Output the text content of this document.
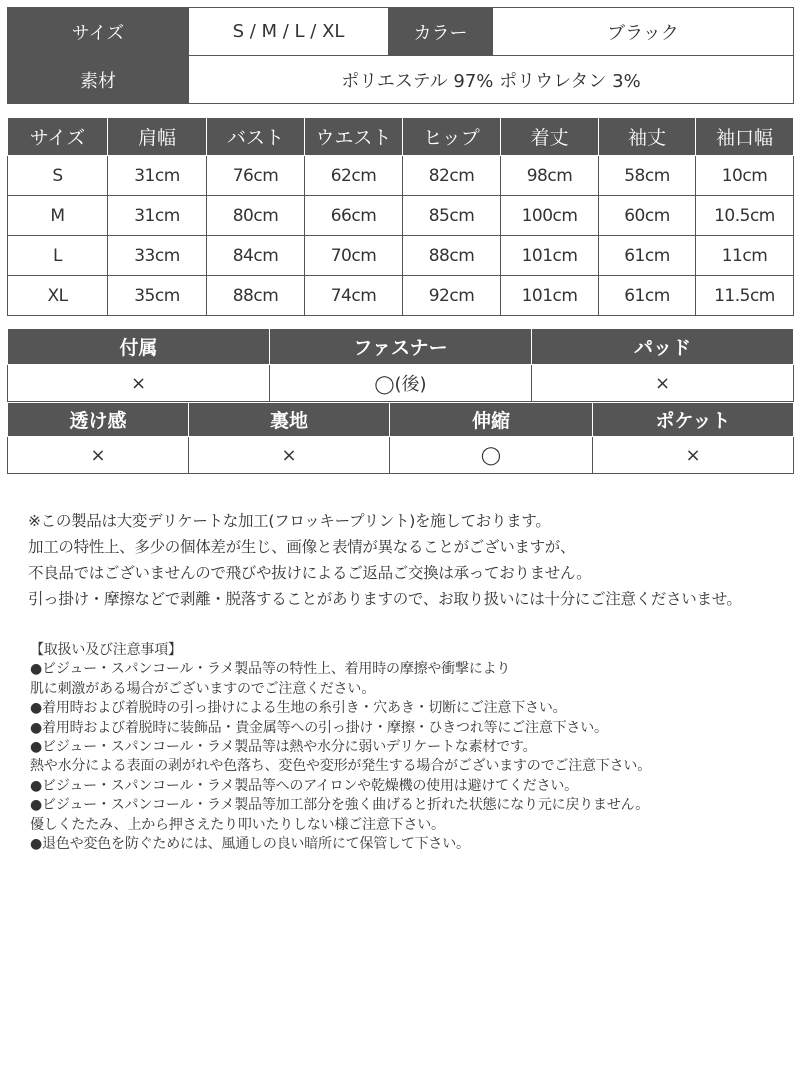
サイズ	S / M / L / XL	カラー	ブラック
素材	ポリエステル 97% ポリウレタン 3%		
サイズ	肩幅	バスト	ウエスト	ヒップ	着丈	袖丈	袖口幅
S	31cm	76cm	62cm	82cm	98cm	58cm	10cm
M	31cm	80cm	66cm	85cm	100cm	60cm	10.5cm
L	33cm	84cm	70cm	88cm	101cm	61cm	11cm
XL	35cm	88cm	74cm	92cm	101cm	61cm	11.5cm
付属	ファスナー	パッド
×	◯(後)	×
透け感	裏地	伸縮	ポケット
×	×	◯	×
※この製品は大変デリケートな加工(フロッキープリント)を施しております。
加工の特性上、多少の個体差が生じ、画像と表情が異なることがございますが、
不良品ではございませんので飛びや抜けによるご返品ご交換は承っておりません。
引っ掛け・摩擦などで剥離・脱落することがありますので、お取り扱いには十分にご注意くださいませ。
【取扱い及び注意事項】
●ビジュー・スパンコール・ラメ製品等の特性上、着用時の摩擦や衝撃により
肌に刺激がある場合がございますのでご注意ください。
●着用時および着脱時の引っ掛けによる生地の糸引き・穴あき・切断にご注意下さい。
●着用時および着脱時に装飾品・貴金属等への引っ掛け・摩擦・ひきつれ等にご注意下さい。
●ビジュー・スパンコール・ラメ製品等は熱や水分に弱いデリケートな素材です。
熱や水分による表面の剥がれや色落ち、変色や変形が発生する場合がございますのでご注意下さい。
●ビジュー・スパンコール・ラメ製品等へのアイロンや乾燥機の使用は避けてください。
●ビジュー・スパンコール・ラメ製品等加工部分を強く曲げると折れた状態になり元に戻りません。
優しくたたみ、上から押さえたり叩いたりしない様ご注意下さい。
●退色や変色を防ぐためには、風通しの良い暗所にて保管して下さい。
